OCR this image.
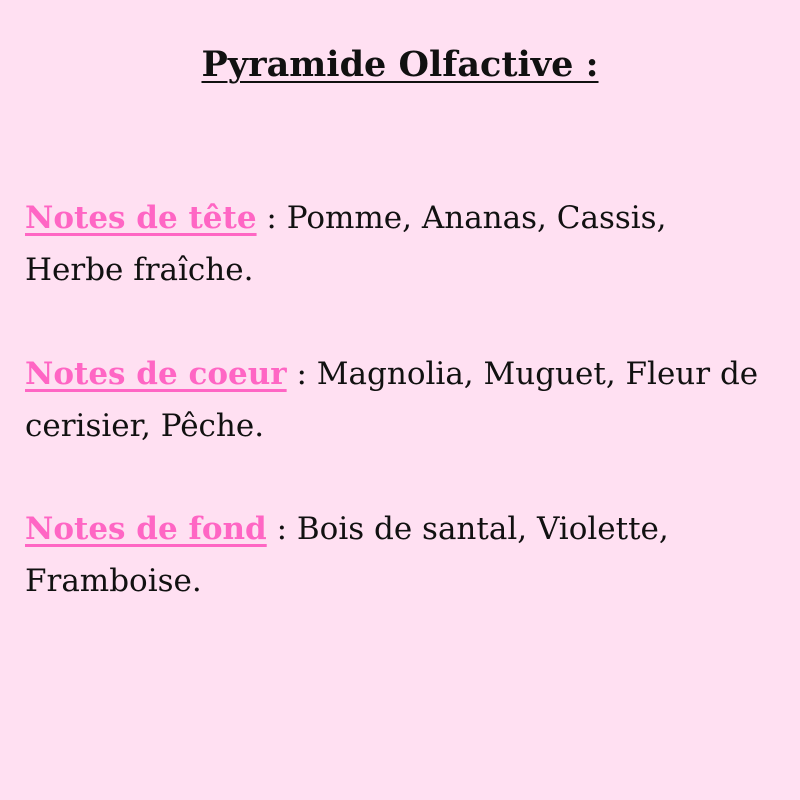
Pyramide Olfactive :
Notes de tête : Pomme, Ananas, Cassis,
Herbe fraîche.
Notes de coeur : Magnolia, Muguet, Fleur de
cerisier, Pêche.
Notes de fond : Bois de santal, Violette,
Framboise.
